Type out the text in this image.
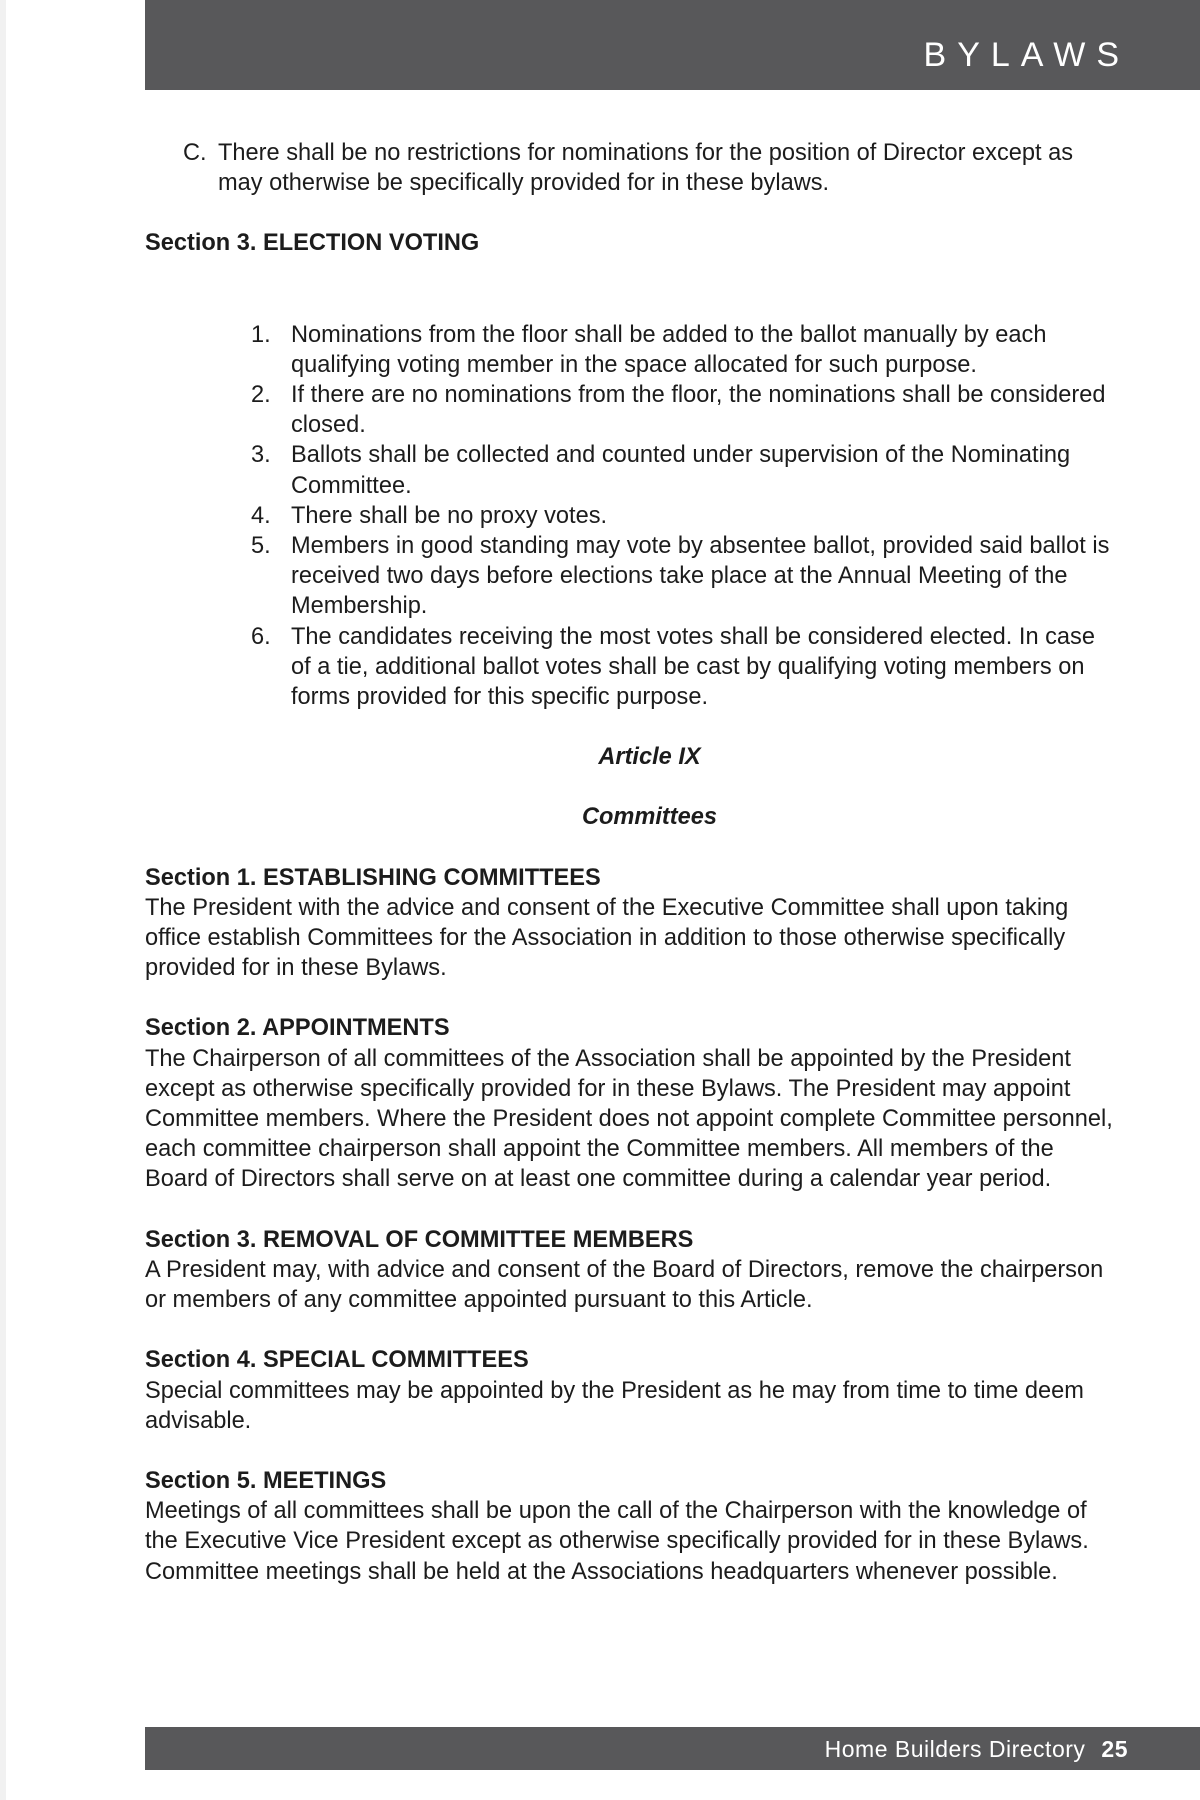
BYLAWS
C. There shall be no restrictions for nominations for the position of Director except as may otherwise be specifically provided for in these bylaws.
Section 3. ELECTION VOTING
1. Nominations from the floor shall be added to the ballot manually by each qualifying voting member in the space allocated for such purpose.
2. If there are no nominations from the floor, the nominations shall be considered closed.
3. Ballots shall be collected and counted under supervision of the Nominating Committee.
4. There shall be no proxy votes.
5. Members in good standing may vote by absentee ballot, provided said ballot is received two days before elections take place at the Annual Meeting of the Membership.
6. The candidates receiving the most votes shall be considered elected. In case of a tie, additional ballot votes shall be cast by qualifying voting members on forms provided for this specific purpose.
Article IX
Committees
Section 1. ESTABLISHING COMMITTEES
The President with the advice and consent of the Executive Committee shall upon taking office establish Committees for the Association in addition to those otherwise specifically provided for in these Bylaws.
Section 2. APPOINTMENTS
The Chairperson of all committees of the Association shall be appointed by the President except as otherwise specifically provided for in these Bylaws. The President may appoint Committee members. Where the President does not appoint complete Committee personnel, each committee chairperson shall appoint the Committee members. All members of the Board of Directors shall serve on at least one committee during a calendar year period.
Section 3. REMOVAL OF COMMITTEE MEMBERS
A President may, with advice and consent of the Board of Directors, remove the chairperson or members of any committee appointed pursuant to this Article.
Section 4. SPECIAL COMMITTEES
Special committees may be appointed by the President as he may from time to time deem advisable.
Section 5. MEETINGS
Meetings of all committees shall be upon the call of the Chairperson with the knowledge of the Executive Vice President except as otherwise specifically provided for in these Bylaws. Committee meetings shall be held at the Associations headquarters whenever possible.
Home Builders Directory 25
